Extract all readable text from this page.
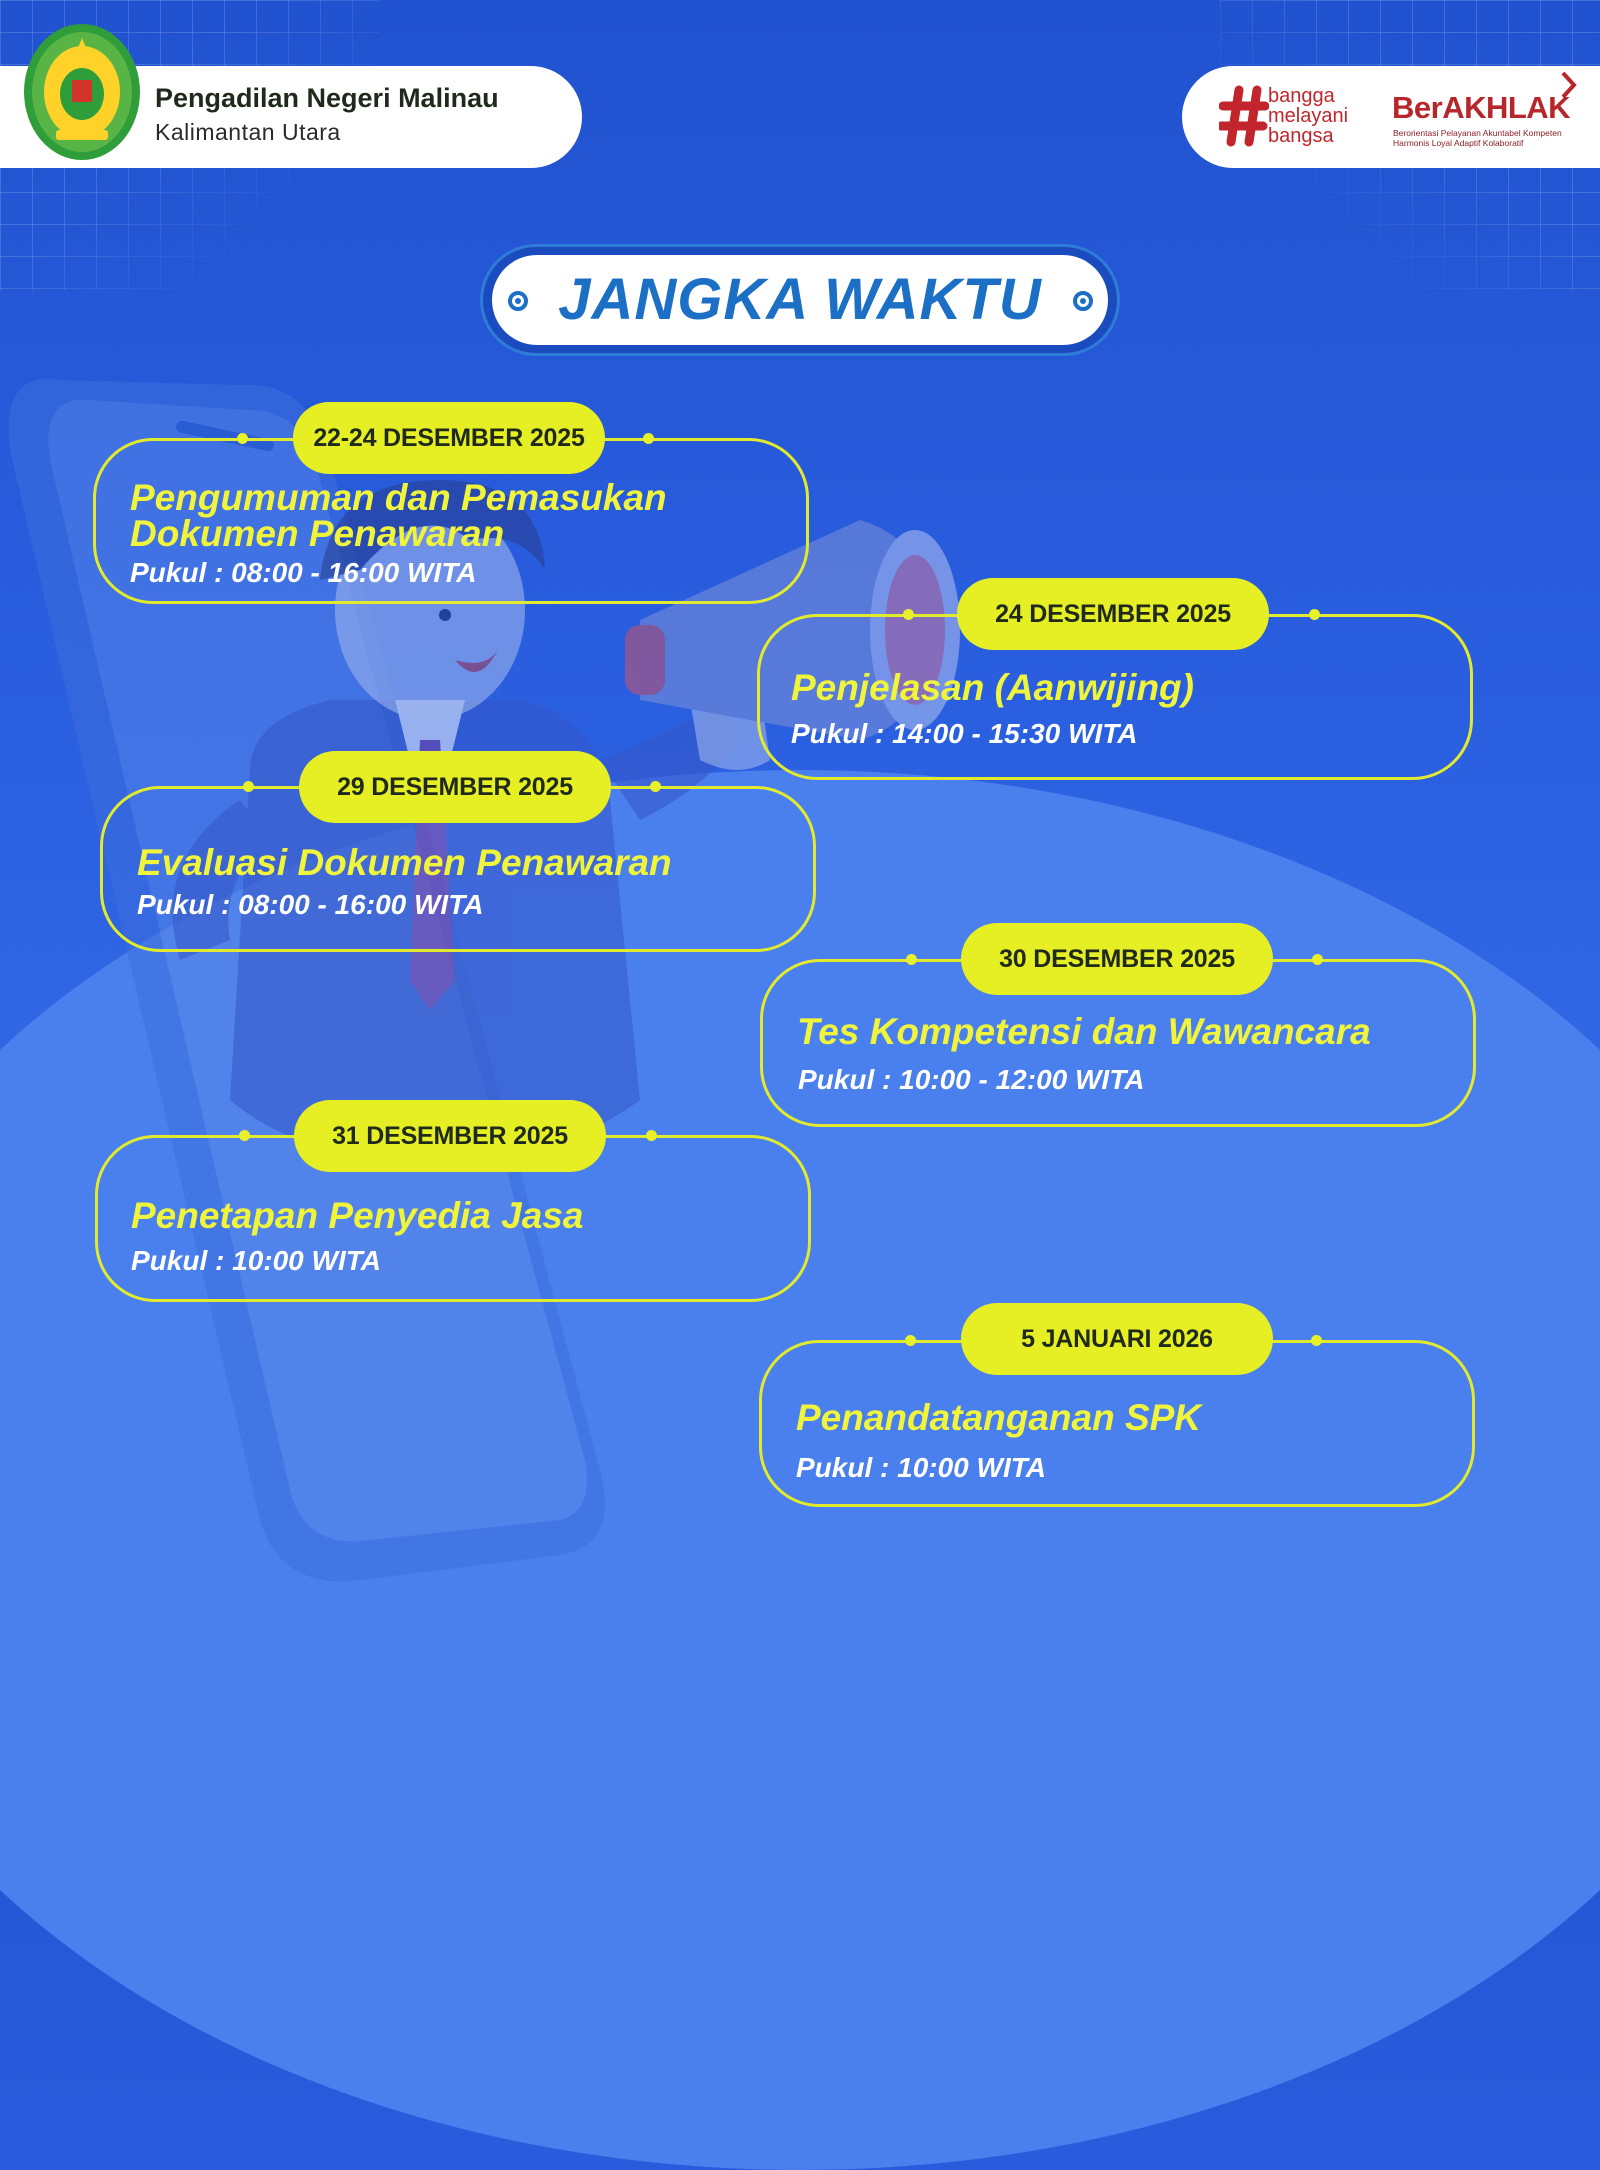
Pengadilan Negeri Malinau
Kalimantan Utara
bangga
melayani
bangsa
BerAKHLAK
Berorientasi Pelayanan Akuntabel Kompeten Harmonis Loyal Adaptif Kolaboratif
JANGKA WAKTU
22-24 DESEMBER 2025
Pengumuman dan Pemasukan
Dokumen Penawaran
Pukul : 08:00 - 16:00 WITA
24 DESEMBER 2025
Penjelasan (Aanwijing)
Pukul : 14:00 - 15:30 WITA
29 DESEMBER 2025
Evaluasi Dokumen Penawaran
Pukul : 08:00 - 16:00 WITA
30 DESEMBER 2025
Tes Kompetensi dan Wawancara
Pukul : 10:00 - 12:00 WITA
31 DESEMBER 2025
Penetapan Penyedia Jasa
Pukul : 10:00 WITA
5 JANUARI 2026
Penandatanganan SPK
Pukul : 10:00 WITA
